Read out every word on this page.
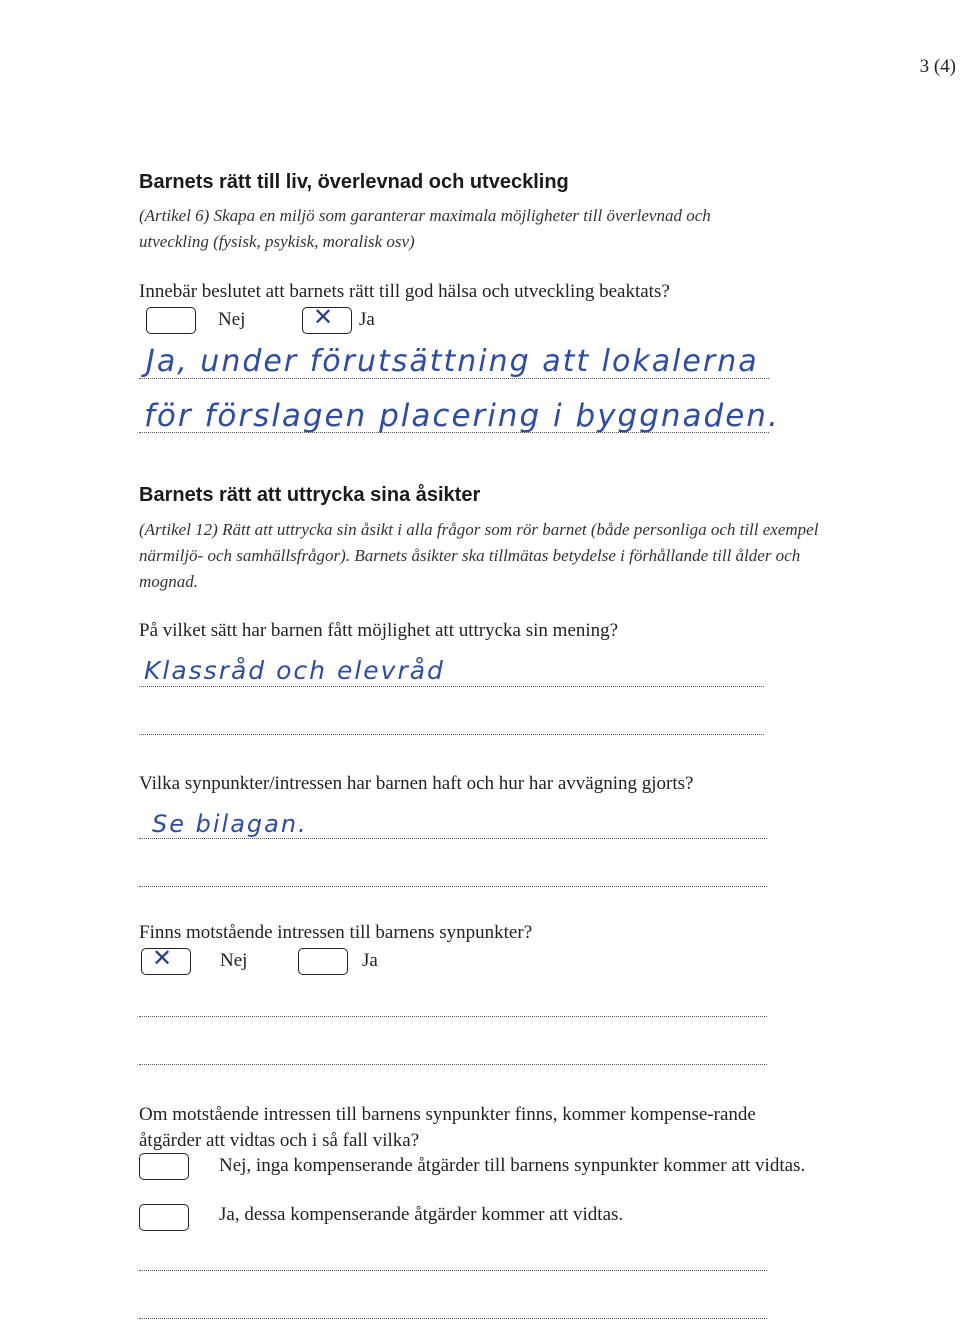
3 (4)
Barnets rätt till liv, överlevnad och utveckling
(Artikel 6) Skapa en miljö som garanterar maximala möjligheter till överlevnad och utveckling (fysisk, psykisk, moralisk osv)
Innebär beslutet att barnets rätt till god hälsa och utveckling beaktats?
Nej	✕ Ja
Ja, under förutsättning att lokalerna
för förslagen placering i byggnaden.
Barnets rätt att uttrycka sina åsikter
(Artikel 12) Rätt att uttrycka sin åsikt i alla frågor som rör barnet (både personliga och till exempel närmiljö- och samhällsfrågor). Barnets åsikter ska tillmätas betydelse i förhållande till ålder och mognad.
På vilket sätt har barnen fått möjlighet att uttrycka sin mening?
Klassråd och elevråd
Vilka synpunkter/intressen har barnen haft och hur har avvägning gjorts?
Se bilagan.
Finns motstående intressen till barnens synpunkter?
✕	Nej	Ja
Om motstående intressen till barnens synpunkter finns, kommer kompense-rande åtgärder att vidtas och i så fall vilka?
Nej, inga kompenserande åtgärder till barnens synpunkter kommer att vidtas.
Ja, dessa kompenserande åtgärder kommer att vidtas.
